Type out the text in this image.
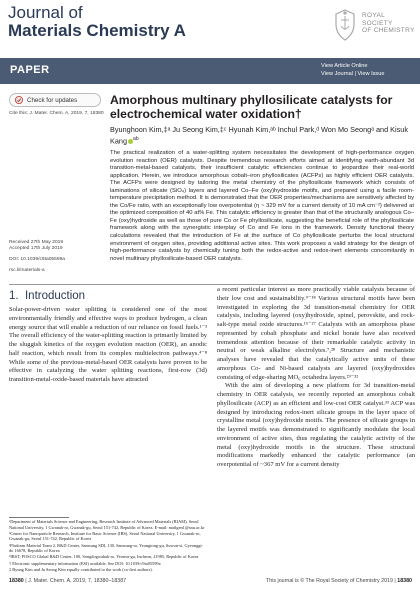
Journal of
Materials Chemistry A
ROYAL SOCIETY
OF CHEMISTRY
PAPER	View Article Online
View Journal | View Issue
Check for updates
Cite this: J. Mater. Chem. A, 2019, 7, 18380
Amorphous multinary phyllosilicate catalysts for electrochemical water oxidation†
Byunghoon Kim,‡ᵃ Ju Seong Kim,‡ᶜ Hyunah Kim,ᵃᵇ Inchul Park,ᵈ Won Mo Seongᵃ and Kisuk Kang $^{ab}$
The practical realization of a water-splitting system necessitates the development of high-performance oxygen evolution reaction (OER) catalysts. Despite tremendous research efforts aimed at identifying earth-abundant 3d transition-metal-based catalysts, their insufficient catalytic efficiencies continue to jeopardize their real-world application. Herein, we introduce amorphous cobalt–iron phyllosilicates (ACFPs) as highly efficient OER catalysts. The ACFPs were designed by tailoring the metal chemistry of the phyllosilicate framework which consists of laminations of silicate (SiO₄) layers and layered Co–Fe (oxy)hydroxide motifs, and prepared using a facile room-temperature precipitation method. It is demonstrated that the OER properties/mechanisms are sensitively affected by the Co/Fe ratio, with an exceptionally low overpotential (η ~ 329 mV for a current density of 10 mA cm⁻²) delivered at the optimized composition of 40 at% Fe. This catalytic efficiency is greater than that of the structurally analogous Co–Fe (oxy)hydroxide as well as those of pure Co or Fe phyllosilicate, suggesting the beneficial role of the phyllosilicate framework along with the synergistic interplay of Co and Fe ions in the framework. Density functional theory calculations revealed that the introduction of Fe at the surface of Co phyllosilicate perturbs the local structural environment of oxygen sites, providing additional active sites. This work proposes a valid strategy for the design of high-performance catalysts by chemically tuning both the redox-active and redox-inert elements concomitantly in novel multinary phyllosilicate-based OER catalysts.
Received 27th May 2019
Accepted 17th July 2019
DOI: 10.1039/c9ta05599a
rsc.li/materials-a
1. Introduction

Solar-power-driven water splitting is considered one of the most environmentally friendly and effective ways to produce hydrogen, a clean energy source that will enable a reduction of our reliance on fossil fuels.¹⁻³ The overall efficiency of the water-splitting reaction is primarily limited by the sluggish kinetics of the oxygen evolution reaction (OER), an anodic half reaction, which result from its complex multielectron pathways.⁴⁻⁸ While some of the previous-metal-based OER catalysts have proven to be effective in catalyzing the water splitting reactions, first-row (3d) transition-metal-oxide-based materials have attracted

a recent particular interest as more practically viable catalysts because of their low cost and sustainability.⁹⁻¹⁸ Various structural motifs have been investigated in exploring the 3d transition-metal chemistry for OER catalysis, including layered (oxy)hydroxide, spinel, perovskite, and rock-salt-type metal oxide structures.¹⁵⁻²⁷ Catalysts with an amorphous phase represented by cobalt phosphate and nickel borate have also received tremendous attention because of their remarkable catalytic activity in neutral or weak alkaline electrolytes.⁷,²⁸ Structure and mechanistic analyses have revealed that the catalytically active units of these amorphous Co- and Ni-based catalysts are layered (oxy)hydroxides consisting of edge-sharing MO₆ octahedra layers.²⁹⁻³²

With the aim of developing a new platform for 3d transition-metal chemistry in OER catalysis, we recently reported an amorphous cobalt phyllosilicate (ACP) as an efficient and low-cost OER catalyst.³³ ACP was designed by introducing redox-inert silicate groups in the layer space of crystalline metal (oxy)hydroxide motifs. The presence of silicate groups in the layered motifs was demonstrated to significantly modulate the local environment of active sites, thus regulating the catalytic activity of the metal (oxy)hydroxide motifs in the structure. These structural modifications markedly enhanced the catalytic performance (an overpotential of ~367 mV for a current density

ᵃDepartment of Materials Science and Engineering, Research Institute of Advanced Materials (RIAM), Seoul National University, 1 Gwanak-ro, Gwanak-gu, Seoul 151-742, Republic of Korea. E-mail: matlgen1@snu.ac.kr

ᵇCenter for Nanoparticle Research, Institute for Basic Science (IBS), Seoul National University, 1 Gwanak-ro, Gwanak-gu, Seoul 151-742, Republic of Korea

ᶜPlatform Material Team 2, R&D Center, Samsung SDI, 130, Samsung-ro, Yeongtong-gu, Suwon-si, Gyeonggi-do 16678, Republic of Korea

ᵈIBST, POSCO Global R&D Center, 100, Songdogwahak-ro, Yeonsu-gu, Incheon, 21985, Republic of Korea

† Electronic supplementary information (ESI) available. See DOI: 10.1039/c9ta05599a

‡ Byung Kim and Ju Seong Kim equally contributed to the work (co-first authors).

18380 | J. Mater. Chem. A, 2019, 7, 18380–18387	This journal is © The Royal Society of Chemistry 2019 | 18380
